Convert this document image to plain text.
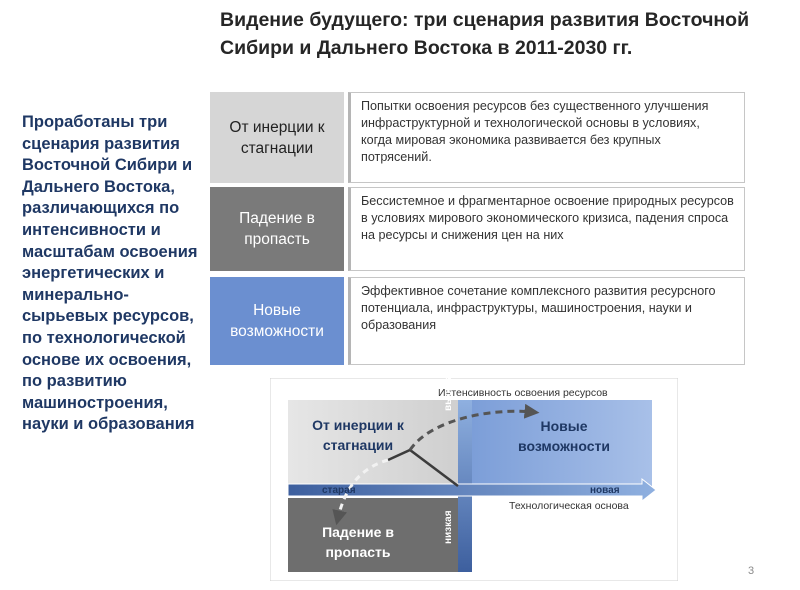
Видение будущего: три сценария развития Восточной
Сибири и Дальнего Востока в 2011-2030 гг.
Проработаны три сценария развития Восточной Сибири и Дальнего Востока, различающихся по интенсивности и масштабам освоения энергетических и минерально-сырьевых ресурсов, по технологической основе их освоения, по развитию машиностроения, науки и образования
От инерции к стагнации
Попытки освоения ресурсов без существенного улучшения инфраструктурной и технологической основы в условиях, когда мировая экономика развивается без крупных потрясений.
Падение в пропасть
Бессистемное и фрагментарное освоение природных ресурсов в условиях мирового экономического кризиса, падения спроса на ресурсы и снижения цен на них
Новые возможности
Эффективное сочетание комплексного развития ресурсного потенциала, инфраструктуры, машиностроения, науки и образования
Интенсивность освоения ресурсов
старая	новая
Технологическая основа
высокая
низкая
От инерции к стагнации
Новые возможности
Падение в пропасть
3
